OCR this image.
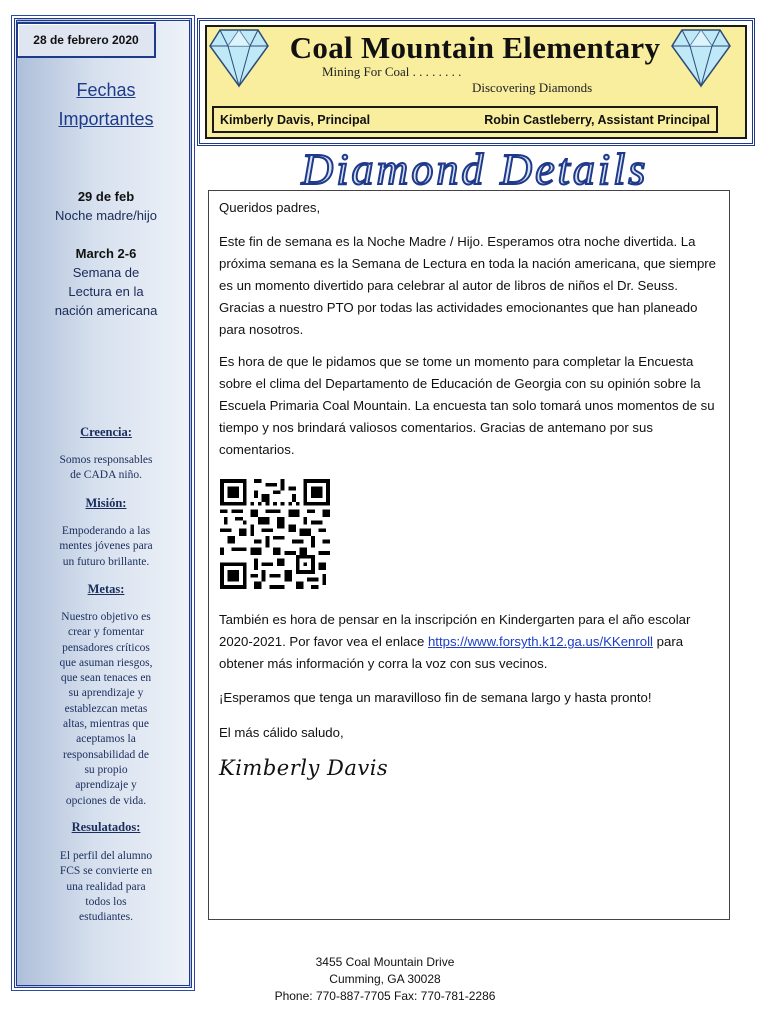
28 de febrero 2020
Fechas
Importantes
29 de feb
Noche madre/hijo
March 2-6
Semana de
Lectura en la
nación americana
Creencia:
Somos responsables
de CADA niño.
Misión:
Empoderando a las
mentes jóvenes para
un futuro brillante.
Metas:
Nuestro objetivo es
crear y fomentar
pensadores críticos
que asuman riesgos,
que sean tenaces en
su aprendizaje y
establezcan metas
altas, mientras que
aceptamos la
responsabilidad de
su propio
aprendizaje y
opciones de vida.
Resulatados:
El perfil del alumno
FCS se convierte en
una realidad para
todos los
estudiantes.
Coal Mountain Elementary
Mining For Coal . . . . . . . .
Discovering Diamonds
Kimberly Davis, Principal	Robin Castleberry, Assistant Principal
Diamond Details
Queridos padres,
Este fin de semana es la Noche Madre / Hijo. Esperamos otra noche divertida. La próxima semana es la Semana de Lectura en toda la nación americana, que siempre es un momento divertido para celebrar al autor de libros de niños el Dr. Seuss. Gracias a nuestro PTO por todas las actividades emocionantes que han planeado para nosotros.
Es hora de que le pidamos que se tome un momento para completar la Encuesta sobre el clima del Departamento de Educación de Georgia con su opinión sobre la Escuela Primaria Coal Mountain. La encuesta tan solo tomará unos momentos de su tiempo y nos brindará valiosos comentarios. Gracias de antemano por sus comentarios.
También es hora de pensar en la inscripción en Kindergarten para el año escolar 2020-2021. Por favor vea el enlace https://www.forsyth.k12.ga.us/KKenroll para obtener más información y corra la voz con sus vecinos.
¡Esperamos que tenga un maravilloso fin de semana largo y hasta pronto!
El más cálido saludo,
Kimberly Davis
3455 Coal Mountain Drive
Cumming, GA 30028
Phone: 770-887-7705 Fax: 770-781-2286
